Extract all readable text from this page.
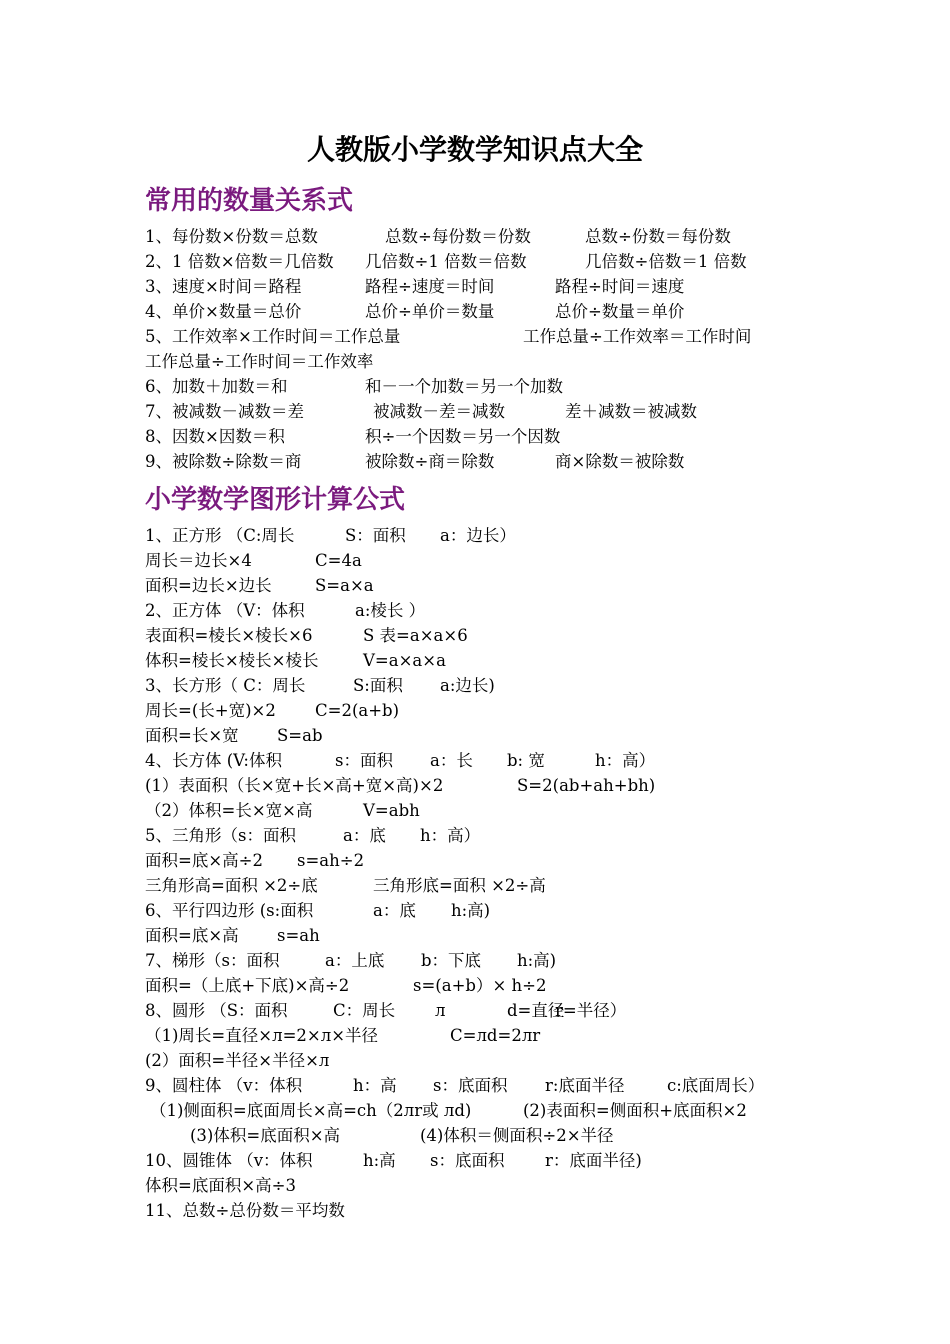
人教版小学数学知识点大全
常用的数量关系式
小学数学图形计算公式
1、每份数×份数＝总数	总数÷每份数＝份数	总数÷份数＝每份数
2、1 倍数×倍数＝几倍数 几倍数÷1 倍数＝倍数	几倍数÷倍数＝1 倍数
3、速度×时间＝路程	路程÷速度＝时间	路程÷时间＝速度
4、单价×数量＝总价	总价÷单价＝数量	总价÷数量＝单价
5、工作效率×工作时间＝工作总量	工作总量÷工作效率＝工作时间
工作总量÷工作时间＝工作效率
6、加数＋加数＝和	和－一个加数＝另一个加数
7、被减数－减数＝差	被减数－差＝减数	差＋减数＝被减数
8、因数×因数＝积	积÷一个因数＝另一个因数
9、被除数÷除数＝商	被除数÷商＝除数	商×除数＝被除数
1、正方形 （C:周长	S：面积 a：边长）
周长＝边长×4	C=4a
面积=边长×边长	S=a×a
2、正方体 （V：体积	a:棱长 ）
表面积=棱长×棱长×6	S 表=a×a×6
体积=棱长×棱长×棱长	V=a×a×a
3、长方形（ C：周长	S:面积 a:边长)
周长=(长+宽)×2 C=2(a+b)
面积=长×宽 S=ab
4、长方体 (V:体积	s：面积 a：长 b: 宽	h：高）
(1）表面积（长×宽+长×高+宽×高)×2	S=2(ab+ah+bh)
（2）体积=长×宽×高	V=abh
5、三角形（s：面积	a：底 h：高）
面积=底×高÷2 s=ah÷2
三角形高=面积 ×2÷底	三角形底=面积 ×2÷高
6、平行四边形 (s:面积	a：底 h:高)
面积=底×高 s=ah
7、梯形（s：面积	a：上底 b：下底 h:高)
面积=（上底+下底)×高÷2	s=(a+b）× h÷2
8、圆形 （S：面积	C：周长 л	d=直径
r=半径）
（1)周长=直径×л=2×л×半径	C=лd=2лr
(2）面积=半径×半径×л
9、圆柱体 （v：体积	h：高 s：底面积 r:底面半径	c:底面周长）
（1)侧面积=底面周长×高=ch（2лr或 лd)	(2)表面积=侧面积+底面积×2
(3)体积=底面积×高	(4)体积＝侧面积÷2×半径
10、圆锥体 （v：体积	h:高 s：底面积 r：底面半径)
体积=底面积×高÷3
11、总数÷总份数＝平均数
